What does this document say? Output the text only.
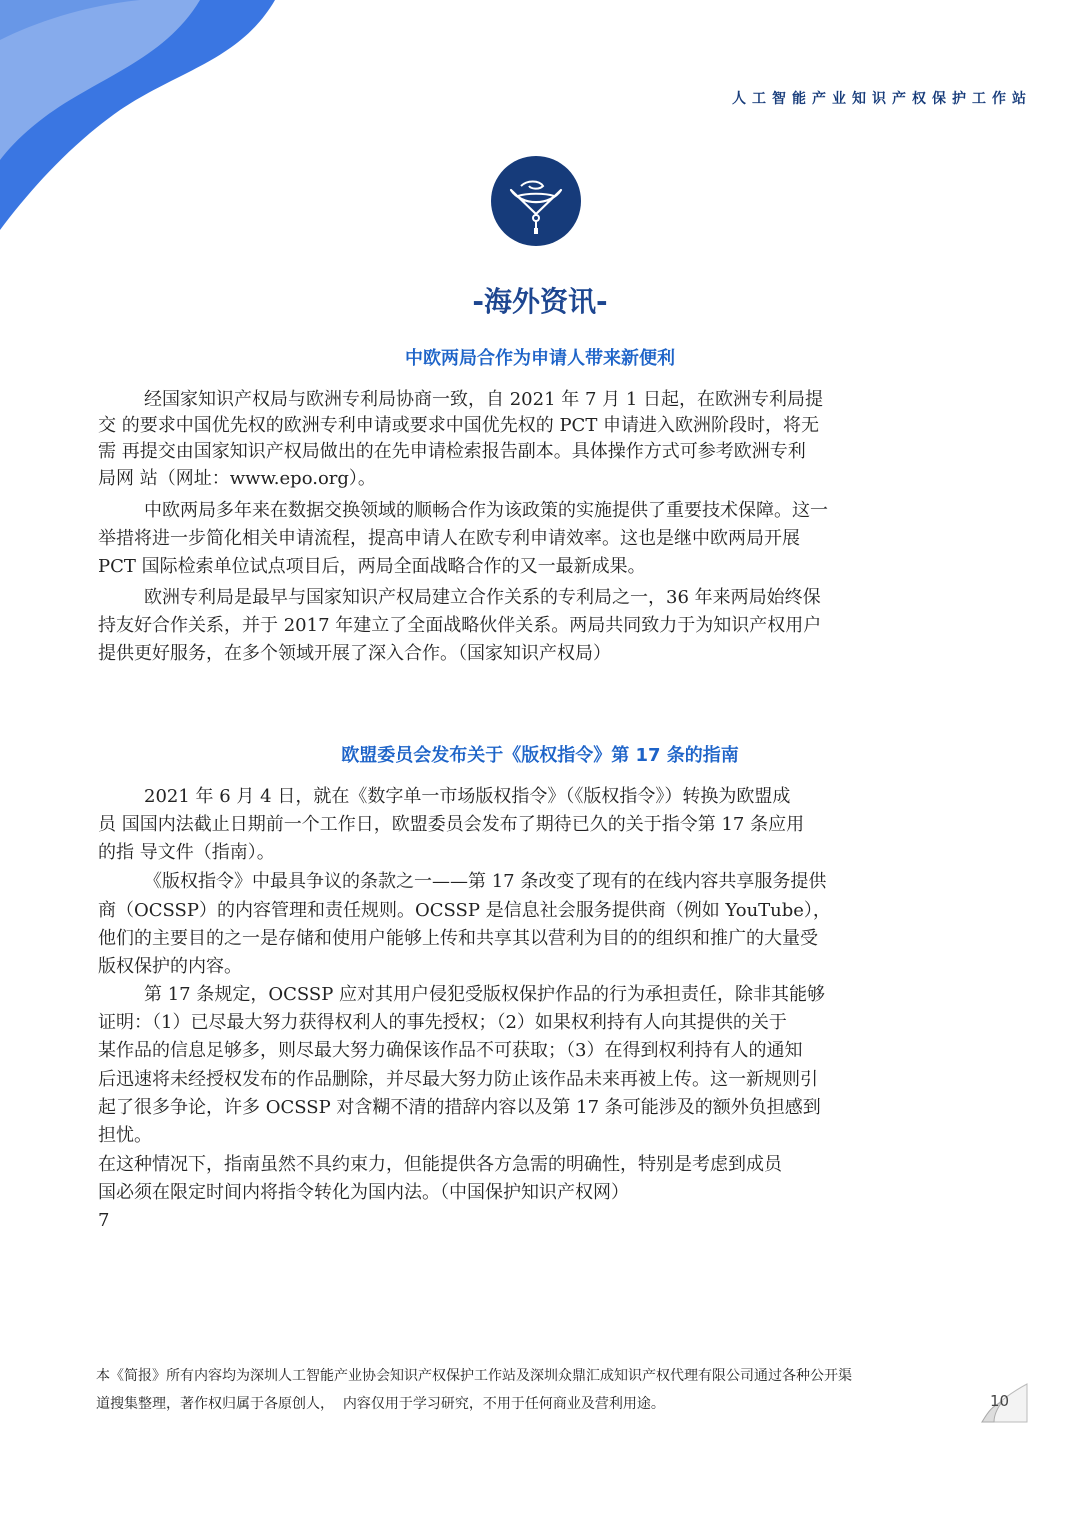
人工智能产业知识产权保护工作站
-海外资讯-
中欧两局合作为申请人带来新便利
经国家知识产权局与欧洲专利局协商一致，自 2021 年 7 月 1 日起，在欧洲专利局提
交 的要求中国优先权的欧洲专利申请或要求中国优先权的 PCT 申请进入欧洲阶段时，将无
需 再提交由国家知识产权局做出的在先申请检索报告副本。具体操作方式可参考欧洲专利
局网 站（网址：www.epo.org）。
中欧两局多年来在数据交换领域的顺畅合作为该政策的实施提供了重要技术保障。这一
举措将进一步简化相关申请流程，提高申请人在欧专利申请效率。这也是继中欧两局开展
PCT 国际检索单位试点项目后，两局全面战略合作的又一最新成果。
欧洲专利局是最早与国家知识产权局建立合作关系的专利局之一，36 年来两局始终保
持友好合作关系，并于 2017 年建立了全面战略伙伴关系。两局共同致力于为知识产权用户
提供更好服务，在多个领域开展了深入合作。（国家知识产权局）
欧盟委员会发布关于《版权指令》第 17 条的指南
2021 年 6 月 4 日，就在《数字单一市场版权指令》（《版权指令》）转换为欧盟成
员 国国内法截止日期前一个工作日，欧盟委员会发布了期待已久的关于指令第 17 条应用
的指 导文件（指南）。
《版权指令》中最具争议的条款之一——第 17 条改变了现有的在线内容共享服务提供
商（OCSSP）的内容管理和责任规则。OCSSP 是信息社会服务提供商（例如 YouTube），
他们的主要目的之一是存储和使用户能够上传和共享其以营利为目的的组织和推广的大量受
版权保护的内容。
第 17 条规定，OCSSP 应对其用户侵犯受版权保护作品的行为承担责任，除非其能够
证明：（1）已尽最大努力获得权利人的事先授权；（2）如果权利持有人向其提供的关于
某作品的信息足够多，则尽最大努力确保该作品不可获取；（3）在得到权利持有人的通知
后迅速将未经授权发布的作品删除，并尽最大努力防止该作品未来再被上传。这一新规则引
起了很多争论，许多 OCSSP 对含糊不清的措辞内容以及第 17 条可能涉及的额外负担感到
担忧。
在这种情况下，指南虽然不具约束力，但能提供各方急需的明确性，特别是考虑到成员
国必须在限定时间内将指令转化为国内法。（中国保护知识产权网）
7
本《简报》所有内容均为深圳人工智能产业协会知识产权保护工作站及深圳众鼎汇成知识产权代理有限公司通过各种公开渠
道搜集整理，著作权归属于各原创人，  内容仅用于学习研究，不用于任何商业及营利用途。	10
